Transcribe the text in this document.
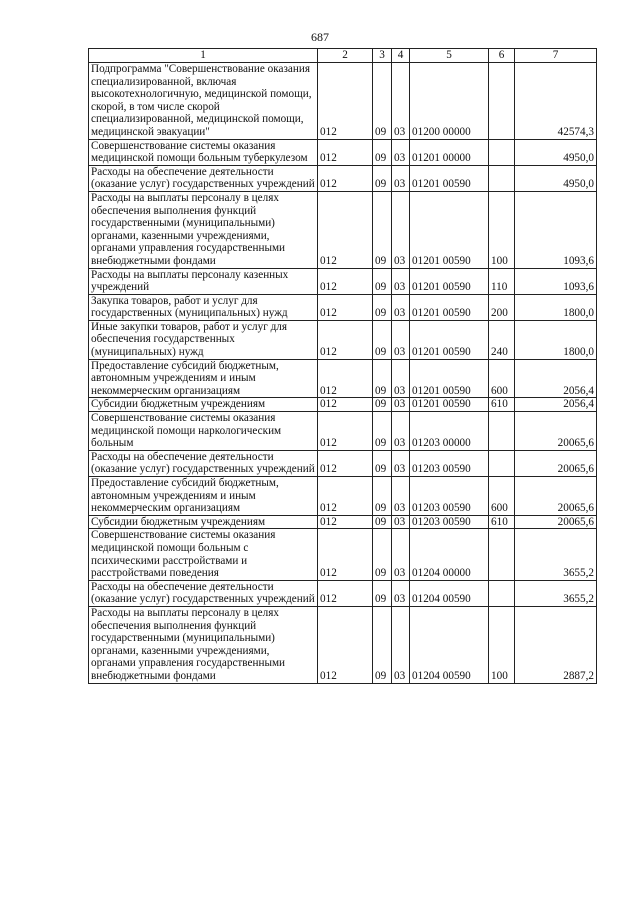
687
1	2	3	4	5	6	7
Подпрограмма "Совершенствование оказания специализированной, включая высокотехнологичную, медицинской помощи, скорой, в том числе скорой специализированной, медицинской помощи, медицинской эвакуации"	012	09	03	01200 00000		42574,3
Совершенствование системы оказания медицинской помощи больным туберкулезом	012	09	03	01201 00000		4950,0
Расходы на обеспечение деятельности (оказание услуг) государственных учреждений	012	09	03	01201 00590		4950,0
Расходы на выплаты персоналу в целях обеспечения выполнения функций государственными (муниципальными) органами, казенными учреждениями, органами управления государственными внебюджетными фондами	012	09	03	01201 00590	100	1093,6
Расходы на выплаты персоналу казенных учреждений	012	09	03	01201 00590	110	1093,6
Закупка товаров, работ и услуг для государственных (муниципальных) нужд	012	09	03	01201 00590	200	1800,0
Иные закупки товаров, работ и услуг для обеспечения государственных (муниципальных) нужд	012	09	03	01201 00590	240	1800,0
Предоставление субсидий бюджетным, автономным учреждениям и иным некоммерческим организациям	012	09	03	01201 00590	600	2056,4
Субсидии бюджетным учреждениям	012	09	03	01201 00590	610	2056,4
Совершенствование системы оказания медицинской помощи наркологическим больным	012	09	03	01203 00000		20065,6
Расходы на обеспечение деятельности (оказание услуг) государственных учреждений	012	09	03	01203 00590		20065,6
Предоставление субсидий бюджетным, автономным учреждениям и иным некоммерческим организациям	012	09	03	01203 00590	600	20065,6
Субсидии бюджетным учреждениям	012	09	03	01203 00590	610	20065,6
Совершенствование системы оказания медицинской помощи больным с психическими расстройствами и расстройствами поведения	012	09	03	01204 00000		3655,2
Расходы на обеспечение деятельности (оказание услуг) государственных учреждений	012	09	03	01204 00590		3655,2
Расходы на выплаты персоналу в целях обеспечения выполнения функций государственными (муниципальными) органами, казенными учреждениями, органами управления государственными внебюджетными фондами	012	09	03	01204 00590	100	2887,2
